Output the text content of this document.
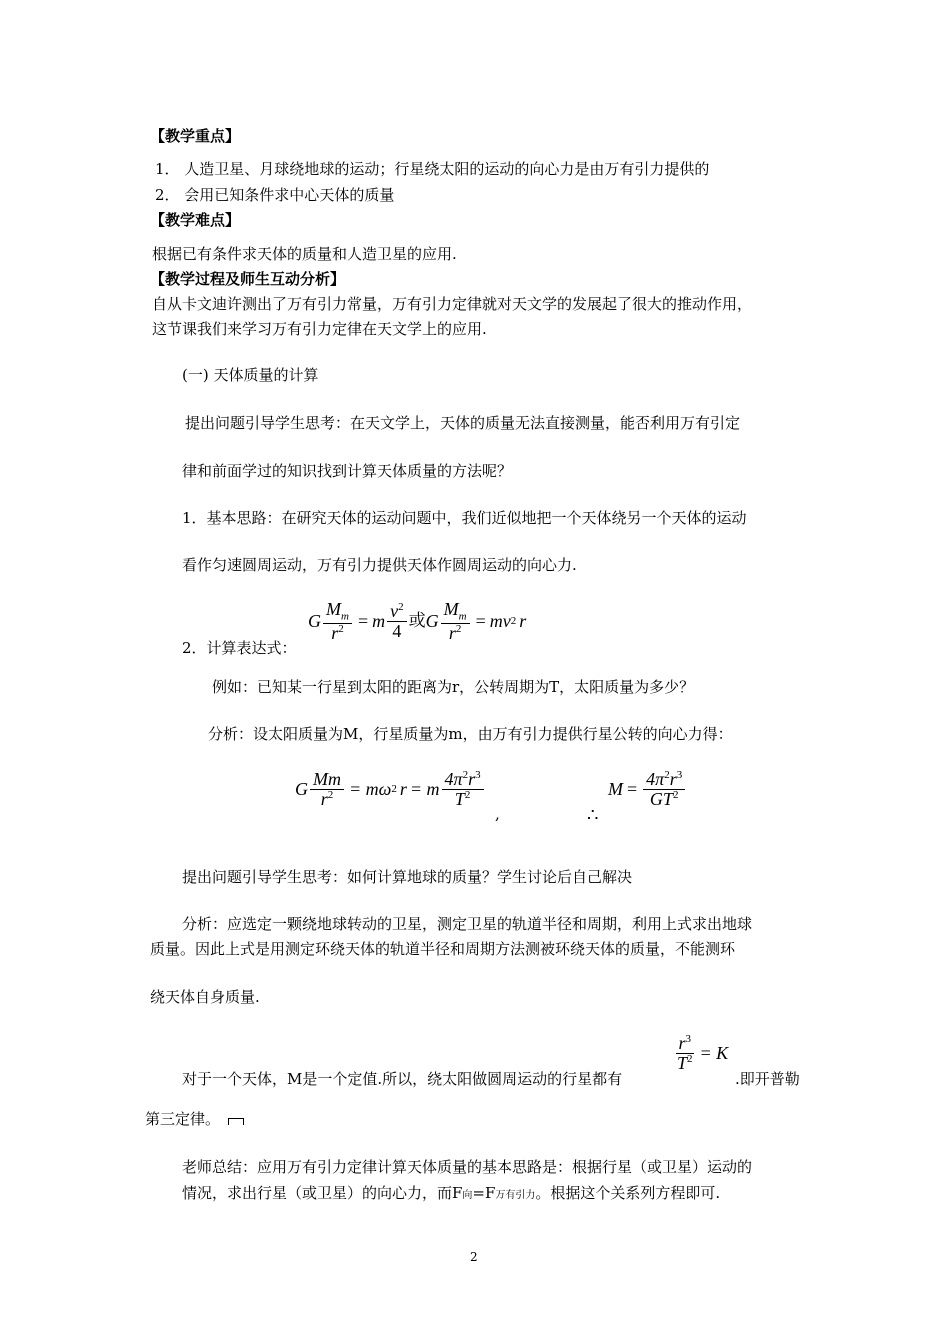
【教学重点】
1． 人造卫星、月球绕地球的运动；行星绕太阳的运动的向心力是由万有引力提供的
2． 会用已知条件求中心天体的质量
【教学难点】
根据已有条件求天体的质量和人造卫星的应用.
【教学过程及师生互动分析】
自从卡文迪许测出了万有引力常量，万有引力定律就对天文学的发展起了很大的推动作用，
这节课我们来学习万有引力定律在天文学上的应用.
(一) 天体质量的计算
提出问题引导学生思考：在天文学上，天体的质量无法直接测量，能否利用万有引定
律和前面学过的知识找到计算天体质量的方法呢？
1．基本思路：在研究天体的运动问题中，我们近似地把一个天体绕另一个天体的运动
看作匀速圆周运动，万有引力提供天体作圆周运动的向心力.
2．计算表达式：
G $\frac{M_m}{r^2} = m \frac{v^2}{4}$ 或 G $\frac{M_m}{r^2}$ = mv 2 r
例如：已知某一行星到太阳的距离为r，公转周期为T，太阳质量为多少？
分析：设太阳质量为M，行星质量为m，由万有引力提供行星公转的向心力得：
G $\frac{Mm}{r^2} = m\omega$ 2 r = m $\frac{4\pi^2r^3}{T^2}$
,	∴
$M = \frac{4\pi^2r^3}{GT^2}$
提出问题引导学生思考：如何计算地球的质量？学生讨论后自己解决
分析：应选定一颗绕地球转动的卫星，测定卫星的轨道半径和周期，利用上式求出地球
质量。因此上式是用测定环绕天体的轨道半径和周期方法测被环绕天体的质量，不能测环
绕天体自身质量.
对于一个天体，M是一个定值.所以，绕太阳做圆周运动的行星都有
$\frac{r^3}{T^2} = K$
.即开普勒
第三定律。
老师总结：应用万有引力定律计算天体质量的基本思路是：根据行星（或卫星）运动的
情况，求出行星（或卫星）的向心力，而F向=F万有引力。根据这个关系列方程即可.
2
